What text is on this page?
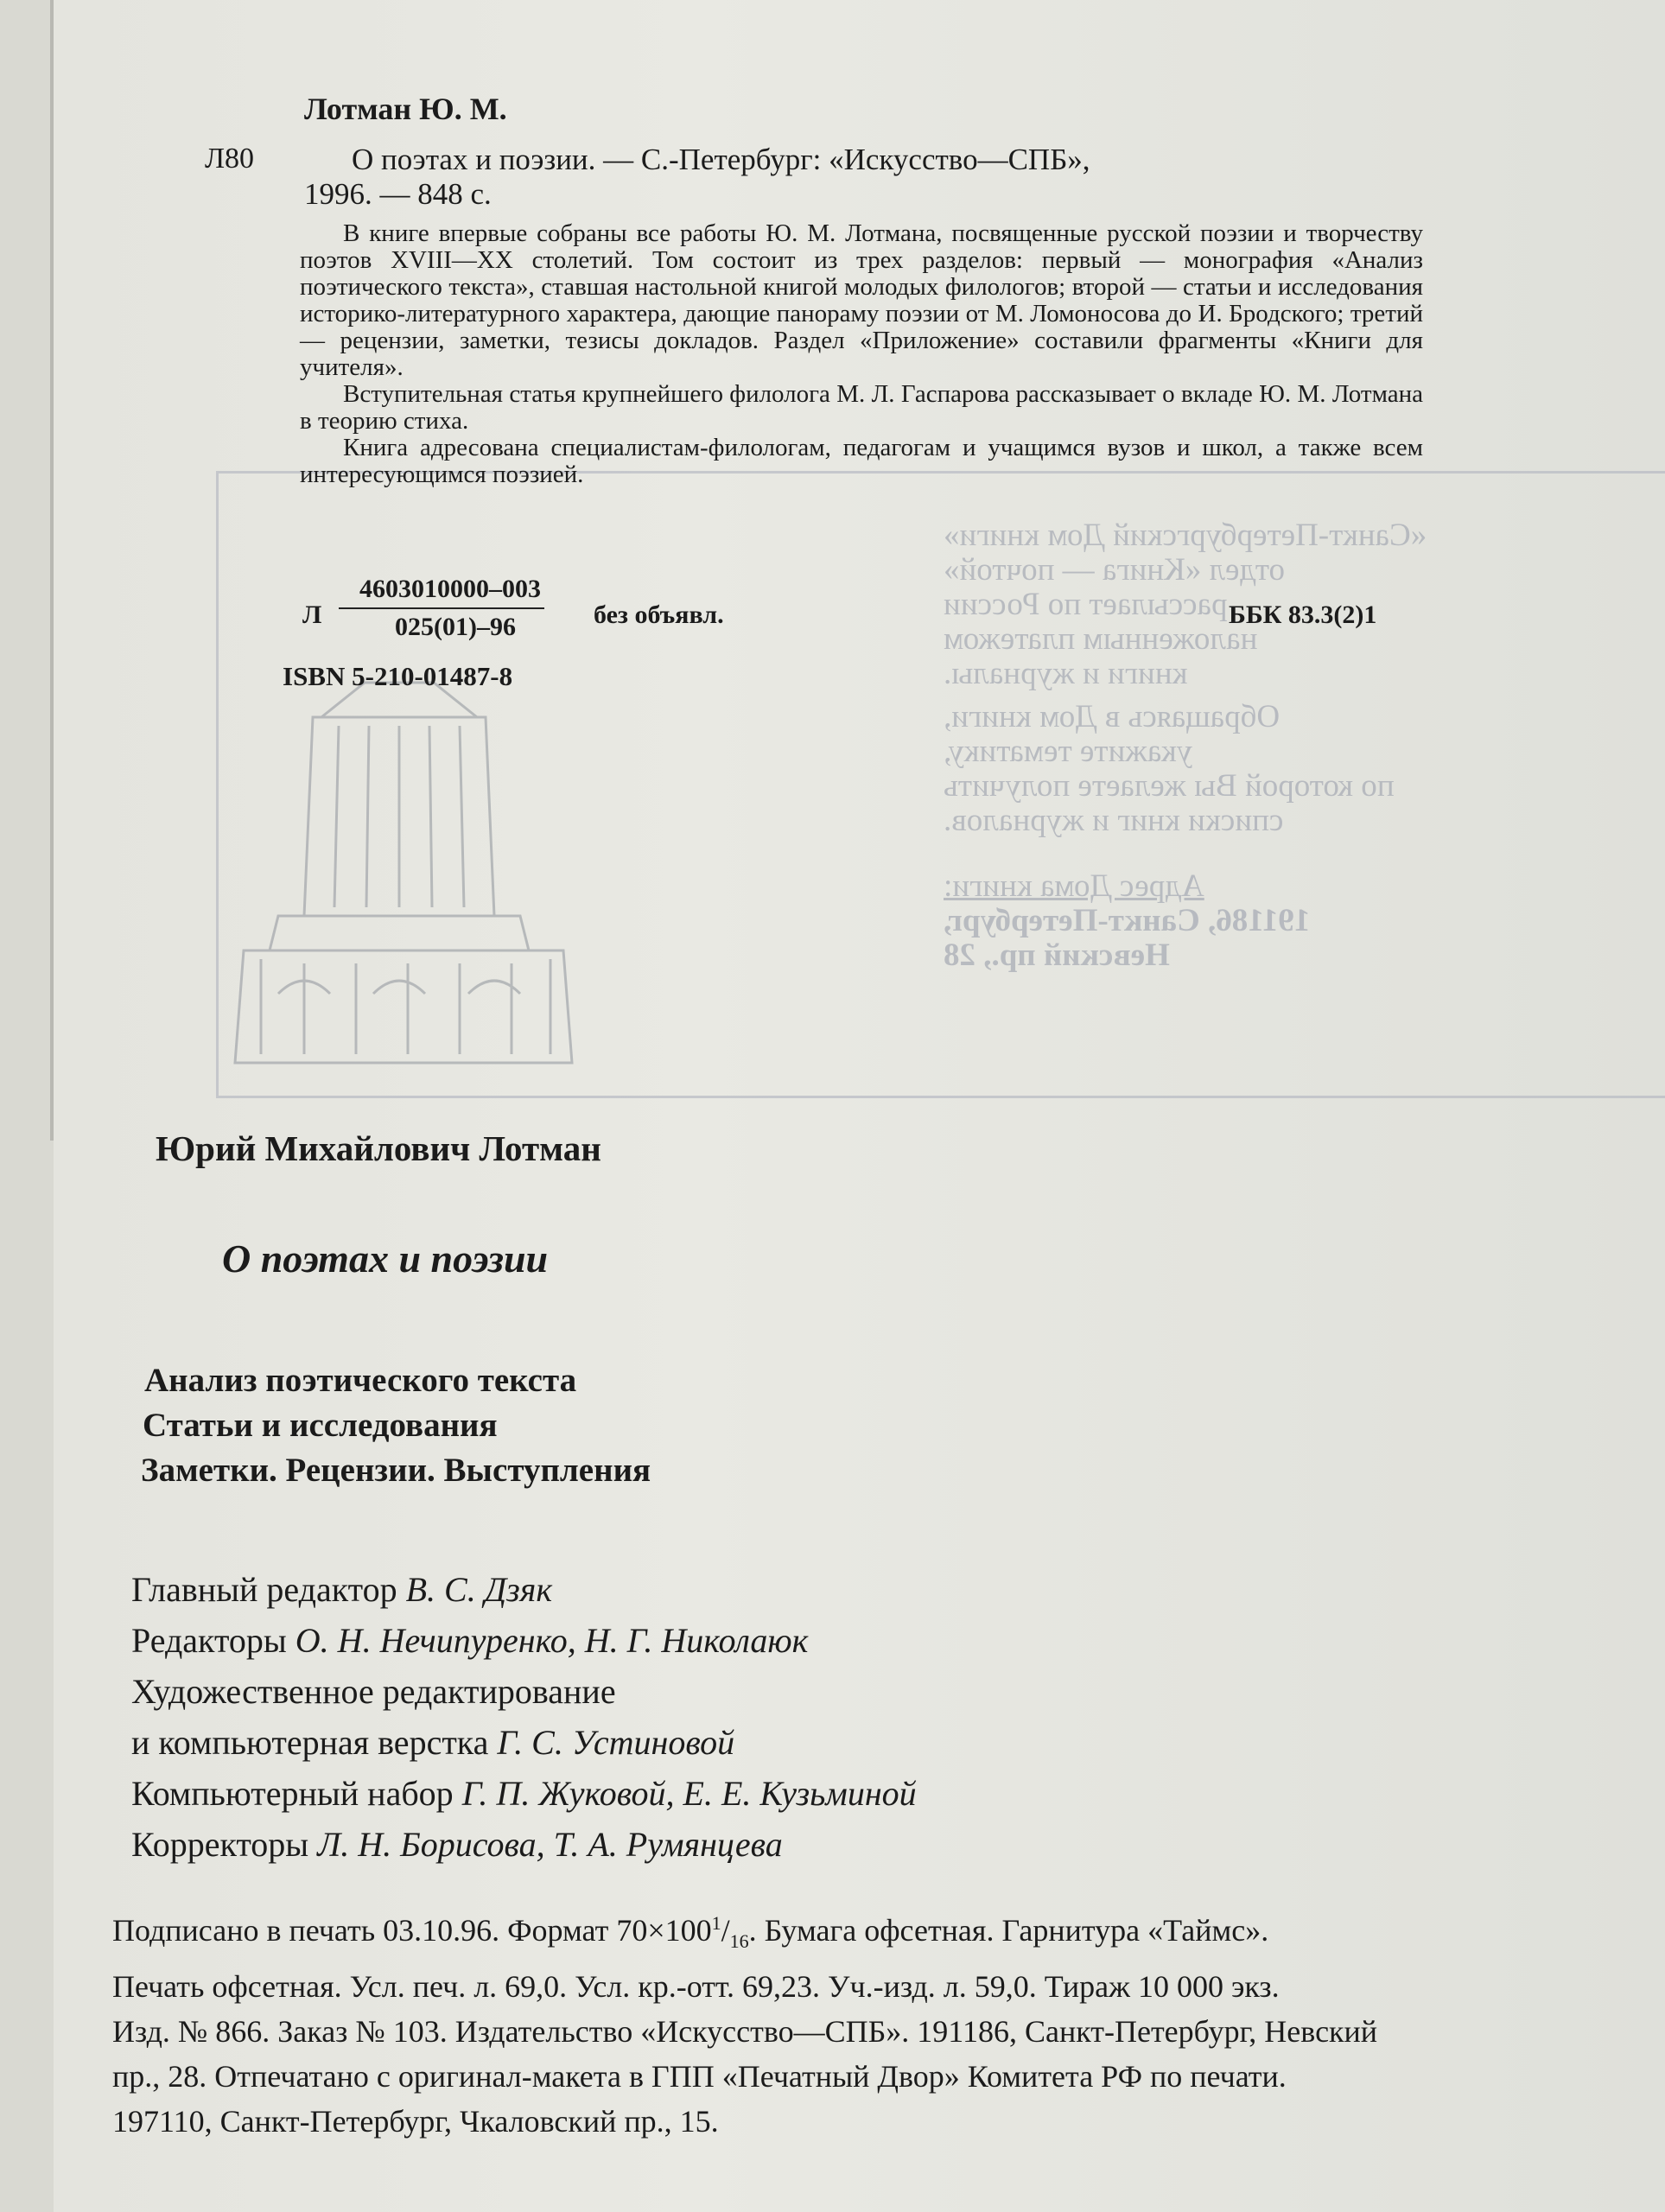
«Санкт-Петербургский Дом книги»
отдел «Книга — почтой»
рассылает по России
наложенным платежом
книги и журналы.
Обращаясь в Дом книги,
укажите тематику,
по которой Вы желаете получить
списки книг и журналов.
Адрес Дома книги:
191186, Санкт-Петербург,
Невский пр., 28
Лотман Ю. М.
Л80	О поэтах и поэзии. — С.-Петербург: «Искусство—СПБ»,
1996. — 848 с.

В книге впервые собраны все работы Ю. М. Лотмана, посвященные русской поэзии и творчеству поэтов XVIII—XX столетий. Том состоит из трех разделов: первый — монография «Анализ поэтического текста», ставшая настольной книгой молодых филологов; второй — статьи и исследования историко-литературного характера, дающие панораму поэзии от М. Ломоносова до И. Бродского; третий — рецензии, заметки, тезисы докладов. Раздел «Приложение» составили фрагменты «Книги для учителя».

Вступительная статья крупнейшего филолога М. Л. Гаспарова рассказывает о вкладе Ю. М. Лотмана в теорию стиха.

Книга адресована специалистам-филологам, педагогам и учащимся вузов и школ, а также всем интересующимся поэзией.

Л $\frac{4603010000-003}{025(01)-96}$ без объявл.	ББК 83.3(2)1
ISBN 5-210-01487-8
Юрий Михайлович Лотман
О поэтах и поэзии
Анализ поэтического текста
Статьи и исследования
Заметки. Рецензии. Выступления
Главный редактор В. С. Дзяк
Редакторы О. Н. Нечипуренко, Н. Г. Николаюк
Художественное редактирование
и компьютерная верстка Г. С. Устиновой
Компьютерный набор Г. П. Жуковой, Е. Е. Кузьминой
Корректоры Л. Н. Борисова, Т. А. Румянцева
Подписано в печать 03.10.96. Формат $70\times 100^1/_{16}$. Бумага офсетная. Гарнитура «Таймс».
Печать офсетная. Усл. печ. л. 69,0. Усл. кр.-отт. 69,23. Уч.-изд. л. 59,0. Тираж 10 000 экз.
Изд. № 866. Заказ № 103. Издательство «Искусство—СПБ». 191186, Санкт-Петербург, Невский
пр., 28. Отпечатано с оригинал-макета в ГПП «Печатный Двор» Комитета РФ по печати.
197110, Санкт-Петербург, Чкаловский пр., 15.
